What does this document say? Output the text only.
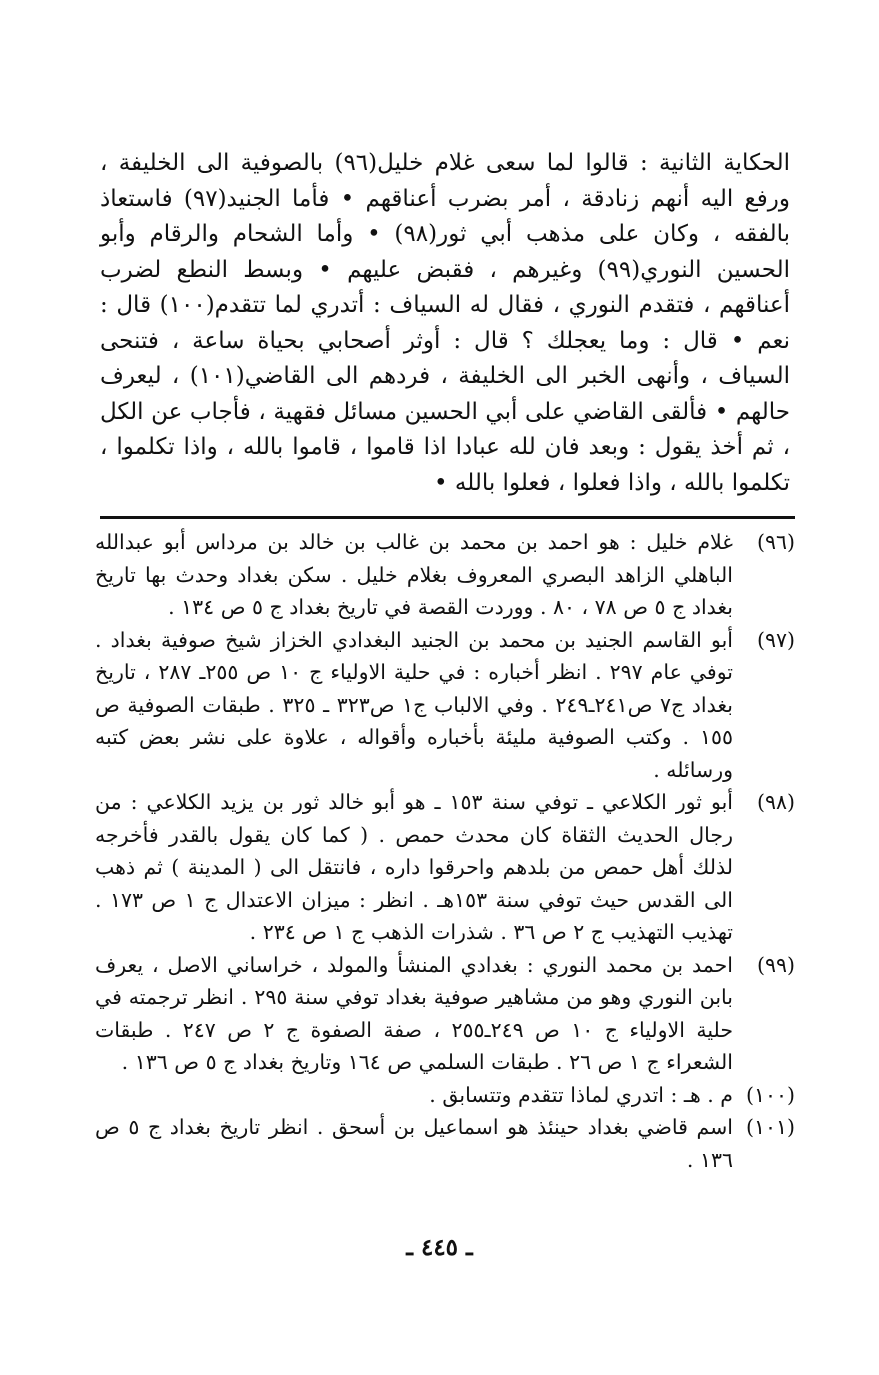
الحكاية الثانية : قالوا لما سعى غلام خليل(٩٦) بالصوفية الى الخليفة ، ورفع اليه أنهم زنادقة ، أمر بضرب أعناقهم • فأما الجنيد(٩٧) فاستعاذ بالفقه ، وكان على مذهب أبي ثور(٩٨) • وأما الشحام والرقام وأبو الحسين النوري(٩٩) وغيرهم ، فقبض عليهم • وبسط النطع لضرب أعناقهم ، فتقدم النوري ، فقال له السياف : أتدري لما تتقدم(١٠٠) قال : نعم • قال : وما يعجلك ؟ قال : أوثر أصحابي بحياة ساعة ، فتنحى السياف ، وأنهى الخبر الى الخليفة ، فردهم الى القاضي(١٠١) ، ليعرف حالهم • فألقى القاضي على أبي الحسين مسائل فقهية ، فأجاب عن الكل ، ثم أخذ يقول : وبعد فان لله عبادا اذا قاموا ، قاموا بالله ، واذا تكلموا ، تكلموا بالله ، واذا فعلوا ، فعلوا بالله •

(٩٦)
غلام خليل : هو احمد بن محمد بن غالب بن خالد بن مرداس أبو عبدالله الباهلي الزاهد البصري المعروف بغلام خليل . سكن بغداد وحدث بها تاريخ بغداد ج ٥ ص ٧٨ ، ٨٠ . ووردت القصة في تاريخ بغداد ج ٥ ص ١٣٤ .
(٩٧)
أبو القاسم الجنيد بن محمد بن الجنيد البغدادي الخزاز شيخ صوفية بغداد . توفي عام ٢٩٧ . انظر أخباره : في حلية الاولياء ج ١٠ ص ٢٥٥ـ ٢٨٧ ، تاريخ بغداد ج٧ ص٢٤١ـ٢٤٩ . وفي الالباب ج١ ص٣٢٣ ـ ٣٢٥ . طبقات الصوفية ص ١٥٥ . وكتب الصوفية مليئة بأخباره وأقواله ، علاوة على نشر بعض كتبه ورسائله .
(٩٨)
أبو ثور الكلاعي ـ توفي سنة ١٥٣ ـ هو أبو خالد ثور بن يزيد الكلاعي : من رجال الحديث الثقاة كان محدث حمص . ( كما كان يقول بالقدر فأخرجه لذلك أهل حمص من بلدهم واحرقوا داره ، فانتقل الى ( المدينة ) ثم ذهب الى القدس حيث توفي سنة ١٥٣هـ . انظر : ميزان الاعتدال ج ١ ص ١٧٣ . تهذيب التهذيب ج ٢ ص ٣٦ . شذرات الذهب ج ١ ص ٢٣٤ .
(٩٩)
احمد بن محمد النوري : بغدادي المنشأ والمولد ، خراساني الاصل ، يعرف بابن النوري وهو من مشاهير صوفية بغداد توفي سنة ٢٩٥ . انظر ترجمته في حلية الاولياء ج ١٠ ص ٢٤٩ـ٢٥٥ ، صفة الصفوة ج ٢ ص ٢٤٧ . طبقات الشعراء ج ١ ص ٢٦ . طبقات السلمي ص ١٦٤ وتاريخ بغداد ج ٥ ص ١٣٦ .
(١٠٠)
م . هـ : اتدري لماذا تتقدم وتتسابق .
(١٠١)
اسم قاضي بغداد حينئذ هو اسماعيل بن أسحق . انظر تاريخ بغداد ج ٥ ص ١٣٦ .
ـ ٤٤٥ ـ
